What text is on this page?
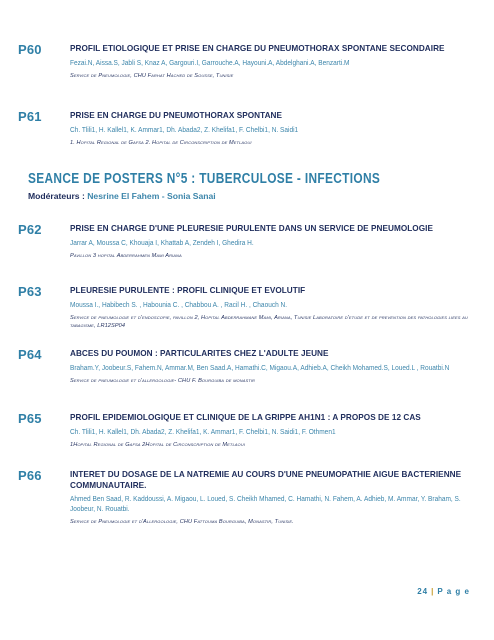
P60	PROFIL ETIOLOGIQUE ET PRISE EN CHARGE DU PNEUMOTHORAX SPONTANE SECONDAIRE
Fezai.N, Aissa.S, Jabli S, Knaz A, Gargouri.I, Garrouche.A, Hayouni.A, Abdelghani.A, Benzarti.M
Service de Pneumologie, CHU Farhat Hached de Sousse, Tunisie
P61	PRISE EN CHARGE DU PNEUMOTHORAX SPONTANE
Ch. Tlili1, H. Kallel1, K. Ammar1, Dh. Abada2, Z. Khelifa1, F. Chelbi1, N. Saidi1
1. Hopital Regional de Gafsa 2. Hopital de Circonscription de Metlaoui
SEANCE DE POSTERS N°5 : TUBERCULOSE - INFECTIONS
Modérateurs : Nesrine El Fahem - Sonia Sanai
P62	PRISE EN CHARGE D'UNE PLEURESIE PURULENTE DANS UN SERVICE DE PNEUMOLOGIE
Jarrar A, Moussa C, Khouaja I, Khattab A, Zendeh I, Ghedira H.
Pavillon 3 hopital Abderrahmen Mami Ariana
P63	PLEURESIE PURULENTE : PROFIL CLINIQUE ET EVOLUTIF
Moussa I., Habibech S. , Habounia C. , Chabbou A. , Racil H. , Chaouch N.
Service de pneumologie et d'endoscopie, pavillon 2, Hopital Abderrahmane Mami, Ariana, Tunisie Laboratoire d'etude et de prevention des pathologies liees au tabagisme, LR12SP04
P64	ABCES DU POUMON : PARTICULARITES CHEZ L'ADULTE JEUNE
Braham.Y, Joobeur.S, Fahem.N, Ammar.M, Ben Saad.A, Hamathi.C, Migaou.A, Adhieb.A, Cheikh Mohamed.S, Loued.L , Rouatbi.N
Service de pneumologie et d'allergologie- CHU F. Bourguiba de monastir
P65	PROFIL EPIDEMIOLOGIQUE ET CLINIQUE DE LA GRIPPE AH1N1 : A PROPOS DE 12 CAS
Ch. Tlili1, H. Kallel1, Dh. Abada2, Z. Khelifa1, K. Ammar1, F. Chelbi1, N. Saidi1, F. Othmen1
1Hopital Regional de Gafsa 2Hopital de Circonscription de Metlaoui
P66	INTERET DU DOSAGE DE LA NATREMIE AU COURS D'UNE PNEUMOPATHIE AIGUE BACTERIENNE COMMUNAUTAIRE.
Ahmed Ben Saad, R. Kaddoussi, A. Migaou, L. Loued, S. Cheikh Mhamed, C. Hamathi, N. Fahem, A. Adhieb, M. Ammar, Y. Braham, S. Joobeur, N. Rouatbi.
Service de Pneumologie et d'Allergologie, CHU Fattouma Bourguiba, Monastir, Tunisie.
24 | P a g e
